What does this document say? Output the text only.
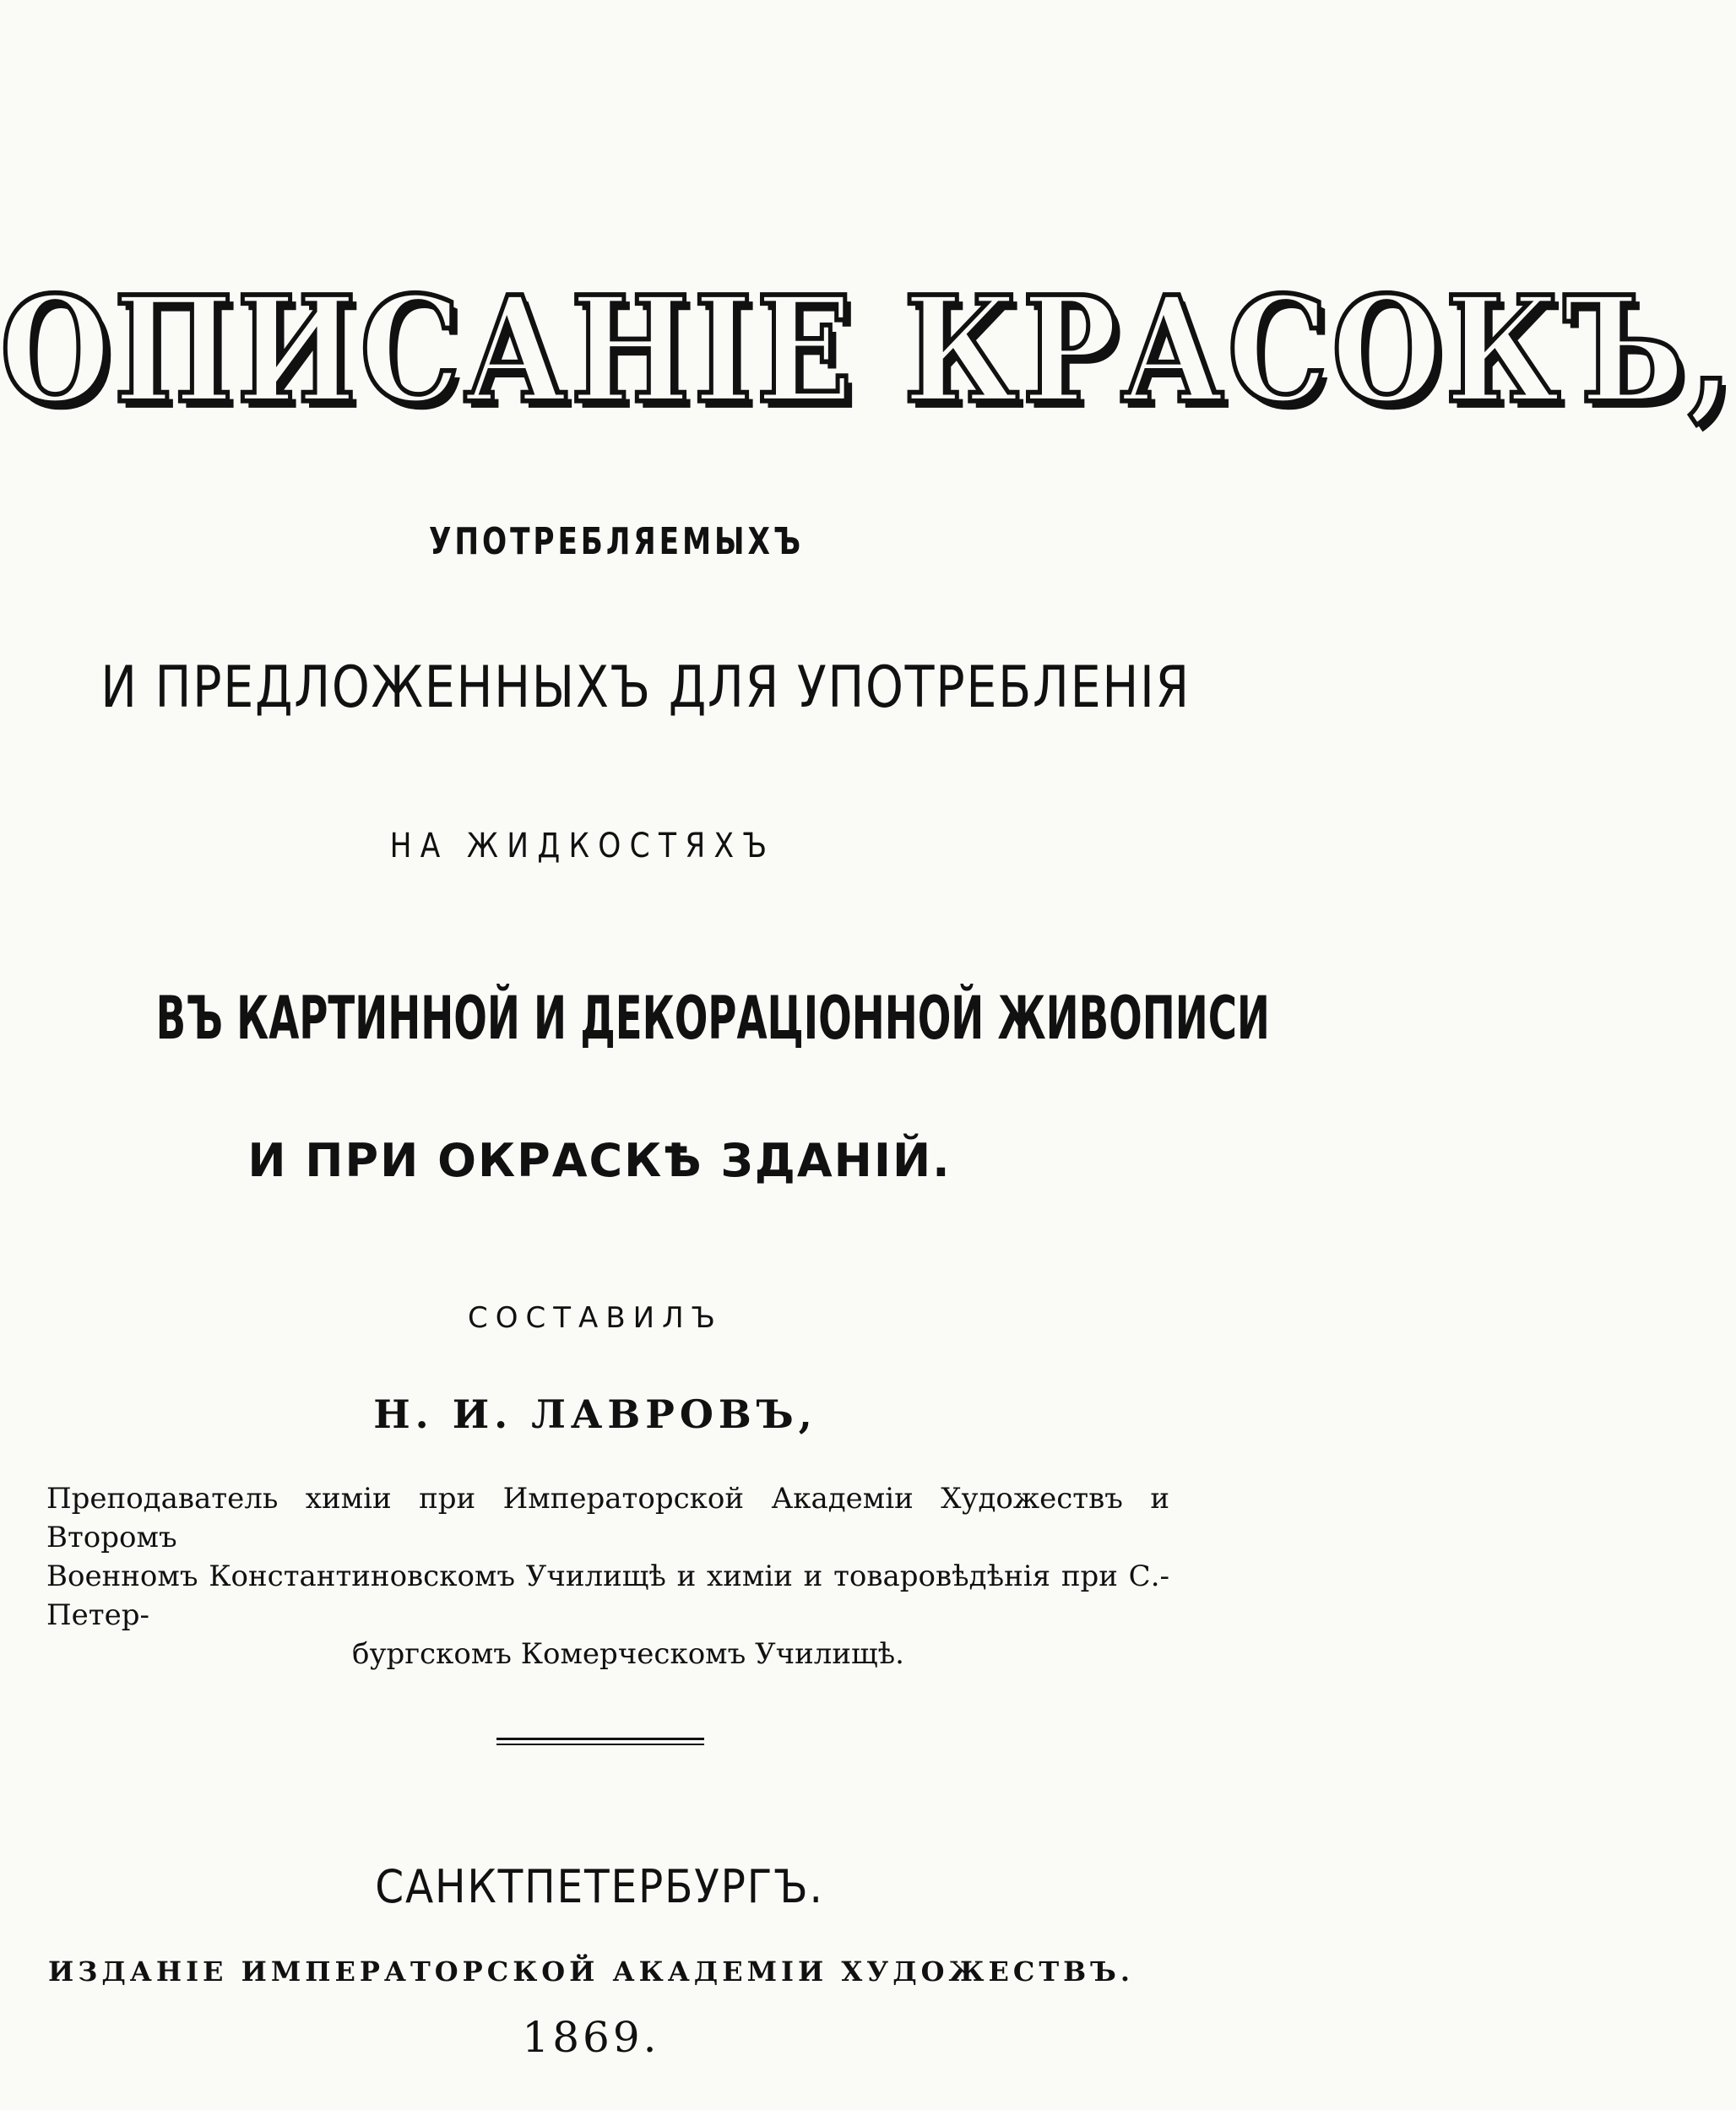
ОПИСАНІЕ КРАСОКЪ,
УПОТРЕБЛЯЕМЫХЪ
И ПРЕДЛОЖЕННЫХЪ ДЛЯ УПОТРЕБЛЕНІЯ
НА ЖИДКОСТЯХЪ
ВЪ КАРТИННОЙ И ДЕКОРАЦІОННОЙ ЖИВОПИСИ
И ПРИ ОКРАСКѢ ЗДАНІЙ.
СОСТАВИЛЪ
Н. И. ЛАВРОВЪ,
Преподаватель химіи при Императорской Академіи Художествъ и Второмъ
Военномъ Константиновскомъ Училищѣ и химіи и товаровѣдѣнія при С.-Петер-
бургскомъ Комерческомъ Училищѣ.
САНКТПЕТЕРБУРГЪ.
ИЗДАНІЕ ИМПЕРАТОРСКОЙ АКАДЕМІИ ХУДОЖЕСТВЪ.
1869.
